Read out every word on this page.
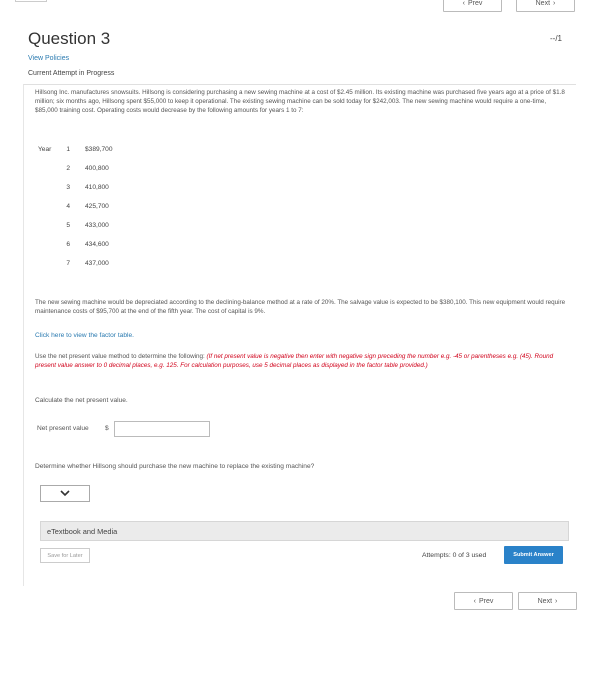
‹ Prev	Next ›
Question 3	--/1
View Policies
Current Attempt in Progress
Hillsong Inc. manufactures snowsuits. Hillsong is considering purchasing a new sewing machine at a cost of $2.45 million. Its existing machine was purchased five years ago at a price of $1.8 million; six months ago, Hillsong spent $55,000 to keep it operational. The existing sewing machine can be sold today for $242,003. The new sewing machine would require a one-time, $85,000 training cost. Operating costs would decrease by the following amounts for years 1 to 7:
Year	1 $389,700
2 400,800
3 410,800
4 425,700
5 433,000
6 434,600
7 437,000
The new sewing machine would be depreciated according to the declining-balance method at a rate of 20%. The salvage value is expected to be $380,100. This new equipment would require maintenance costs of $95,700 at the end of the fifth year. The cost of capital is 9%.
Click here to view the factor table.
Use the net present value method to determine the following: (If net present value is negative then enter with negative sign preceding the number e.g. -45 or parentheses e.g. (45). Round present value answer to 0 decimal places, e.g. 125. For calculation purposes, use 5 decimal places as displayed in the factor table provided.)
Calculate the net present value.
Net present value $
Determine whether Hillsong should purchase the new machine to replace the existing machine?
eTextbook and Media
Save for Later	Attempts: 0 of 3 used	Submit Answer
‹ Prev	Next ›
